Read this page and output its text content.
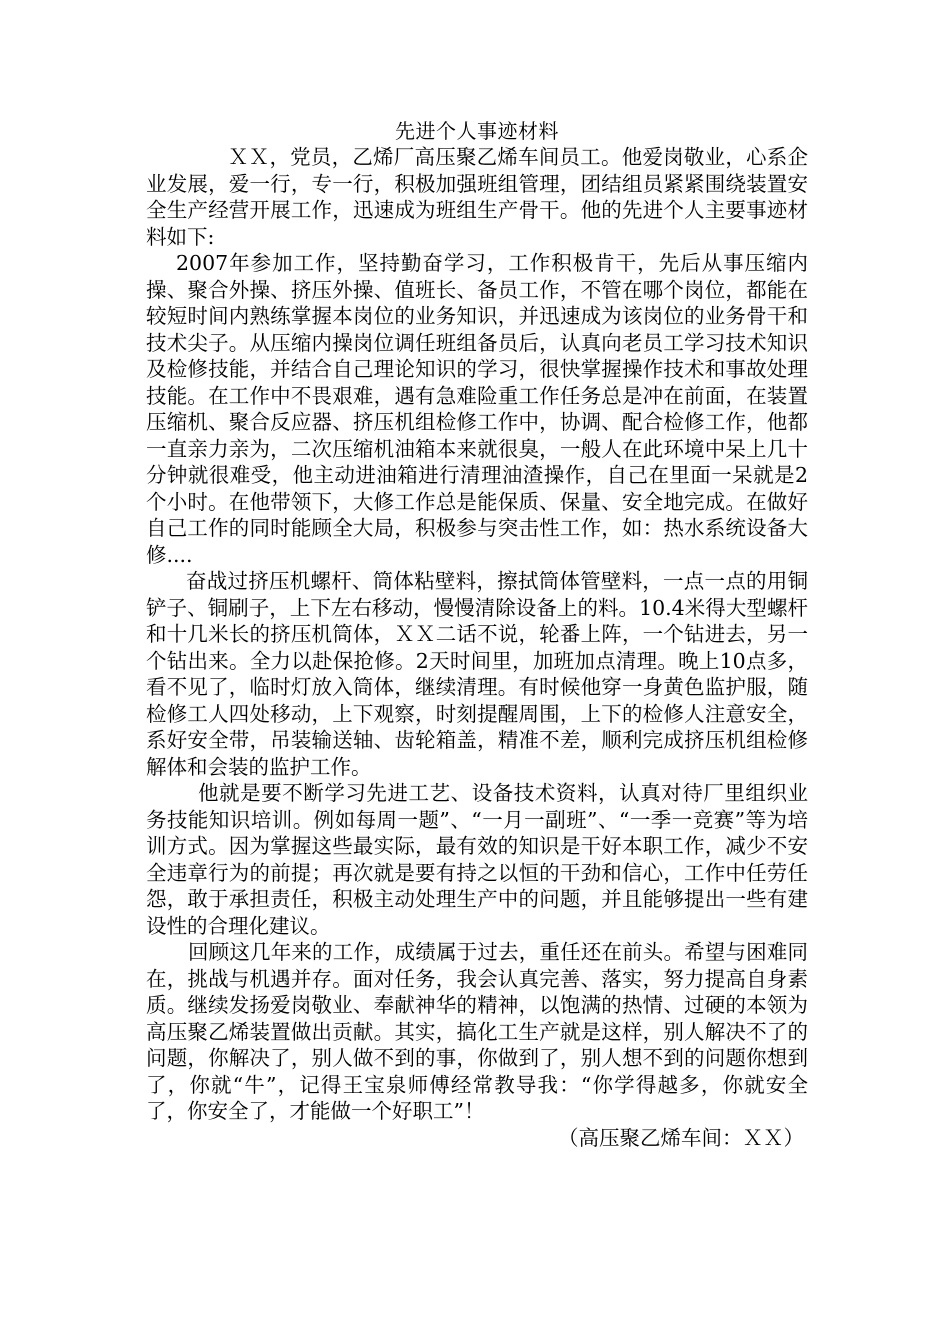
先进个人事迹材料

ＸＸ，党员，乙烯厂高压聚乙烯车间员工。他爱岗敬业，心系企业发展，爱一行，专一行，积极加强班组管理，团结组员紧紧围绕装置安全生产经营开展工作，迅速成为班组生产骨干。他的先进个人主要事迹材料如下:

2007年参加工作，坚持勤奋学习，工作积极肯干，先后从事压缩内操、聚合外操、挤压外操、值班长、备员工作，不管在哪个岗位，都能在较短时间内熟练掌握本岗位的业务知识，并迅速成为该岗位的业务骨干和技术尖子。从压缩内操岗位调任班组备员后，认真向老员工学习技术知识及检修技能，并结合自己理论知识的学习，很快掌握操作技术和事故处理技能。在工作中不畏艰难，遇有急难险重工作任务总是冲在前面，在装置压缩机、聚合反应器、挤压机组检修工作中，协调、配合检修工作，他都一直亲力亲为，二次压缩机油箱本来就很臭，一般人在此环境中呆上几十分钟就很难受，他主动进油箱进行清理油渣操作，自己在里面一呆就是2个小时。在他带领下，大修工作总是能保质、保量、安全地完成。在做好自己工作的同时能顾全大局，积极参与突击性工作，如：热水系统设备大修....

奋战过挤压机螺杆、筒体粘壁料，擦拭筒体管壁料，一点一点的用铜铲子、铜刷子，上下左右移动，慢慢清除设备上的料。10.4米得大型螺杆和十几米长的挤压机筒体，ＸＸ二话不说，轮番上阵，一个钻进去，另一个钻出来。全力以赴保抢修。2天时间里，加班加点清理。晚上10点多，看不见了，临时灯放入筒体，继续清理。有时候他穿一身黄色监护服，随检修工人四处移动，上下观察，时刻提醒周围，上下的检修人注意安全，系好安全带，吊装输送轴、齿轮箱盖，精准不差，顺利完成挤压机组检修解体和会装的监护工作。

他就是要不断学习先进工艺、设备技术资料，认真对待厂里组织业务技能知识培训。例如每周一题”、“一月一副班”、“一季一竞赛”等为培训方式。因为掌握这些最实际，最有效的知识是干好本职工作，减少不安全违章行为的前提；再次就是要有持之以恒的干劲和信心，工作中任劳任怨，敢于承担责任，积极主动处理生产中的问题，并且能够提出一些有建设性的合理化建议。

回顾这几年来的工作，成绩属于过去，重任还在前头。希望与困难同在，挑战与机遇并存。面对任务，我会认真完善、落实，努力提高自身素质。继续发扬爱岗敬业、奉献神华的精神，以饱满的热情、过硬的本领为高压聚乙烯装置做出贡献。其实，搞化工生产就是这样，别人解决不了的问题，你解决了，别人做不到的事，你做到了，别人想不到的问题你想到了，你就“牛”，记得王宝泉师傅经常教导我：“你学得越多，你就安全了，你安全了，才能做一个好职工”！

（高压聚乙烯车间：ＸＸ）
